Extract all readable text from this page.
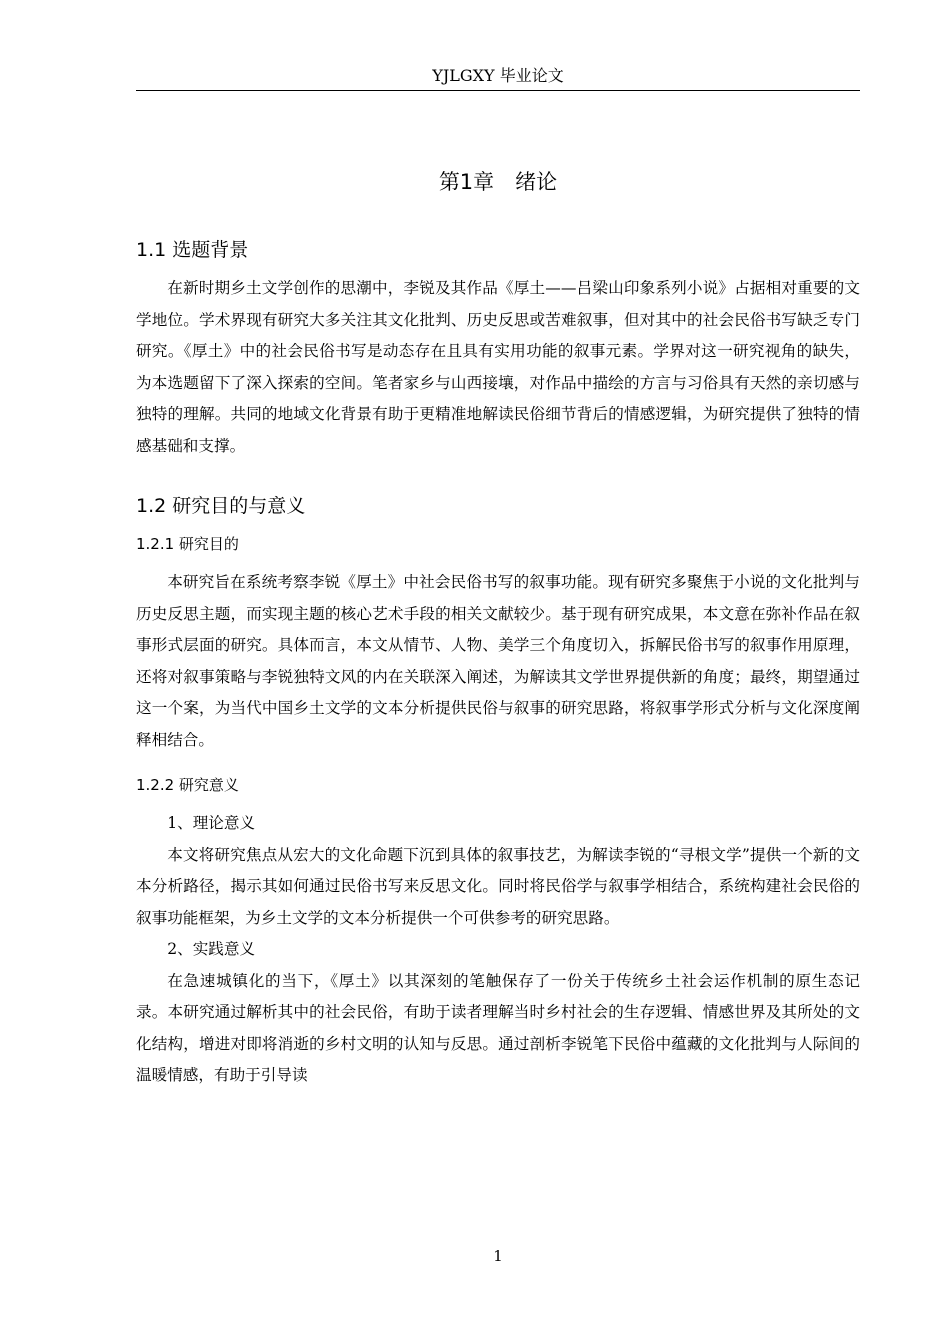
YJLGXY 毕业论文
第1章　绪论
1.1 选题背景

在新时期乡土文学创作的思潮中，李锐及其作品《厚土——吕梁山印象系列小说》占据相对重要的文学地位。学术界现有研究大多关注其文化批判、历史反思或苦难叙事，但对其中的社会民俗书写缺乏专门研究。《厚土》中的社会民俗书写是动态存在且具有实用功能的叙事元素。学界对这一研究视角的缺失，为本选题留下了深入探索的空间。笔者家乡与山西接壤，对作品中描绘的方言与习俗具有天然的亲切感与独特的理解。共同的地域文化背景有助于更精准地解读民俗细节背后的情感逻辑，为研究提供了独特的情感基础和支撑。

1.2 研究目的与意义
1.2.1 研究目的

本研究旨在系统考察李锐《厚土》中社会民俗书写的叙事功能。现有研究多聚焦于小说的文化批判与历史反思主题，而实现主题的核心艺术手段的相关文献较少。基于现有研究成果，本文意在弥补作品在叙事形式层面的研究。具体而言，本文从情节、人物、美学三个角度切入，拆解民俗书写的叙事作用原理，还将对叙事策略与李锐独特文风的内在关联深入阐述，为解读其文学世界提供新的角度；最终，期望通过这一个案，为当代中国乡土文学的文本分析提供民俗与叙事的研究思路，将叙事学形式分析与文化深度阐释相结合。

1.2.2 研究意义

1、理论意义

本文将研究焦点从宏大的文化命题下沉到具体的叙事技艺，为解读李锐的“寻根文学”提供一个新的文本分析路径，揭示其如何通过民俗书写来反思文化。同时将民俗学与叙事学相结合，系统构建社会民俗的叙事功能框架，为乡土文学的文本分析提供一个可供参考的研究思路。

2、实践意义

在急速城镇化的当下，《厚土》以其深刻的笔触保存了一份关于传统乡土社会运作机制的原生态记录。本研究通过解析其中的社会民俗，有助于读者理解当时乡村社会的生存逻辑、情感世界及其所处的文化结构，增进对即将消逝的乡村文明的认知与反思。通过剖析李锐笔下民俗中蕴藏的文化批判与人际间的温暖情感，有助于引导读

1
